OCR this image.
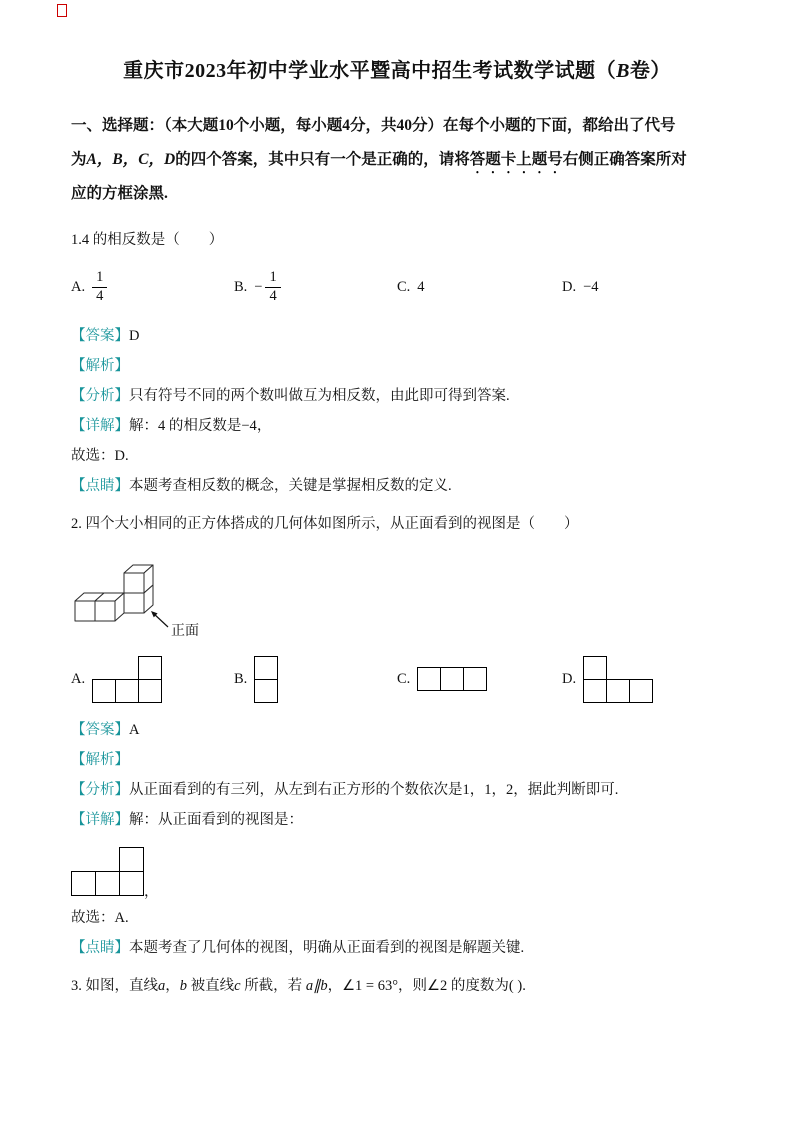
重庆市2023年初中学业水平暨高中招生考试数学试题（B卷）

一、选择题：（本大题10个小题，每小题4分，共40分）在每个小题的下面，都给出了代号
为A，B，C，D的四个答案，其中只有一个是正确的，请将答题卡上题号右侧正确答案所对
应的方框涂黑.

1.4 的相反数是（　　）

A. $\frac{1}{4}$	B. − $\frac{1}{4}$	C. 4	D. −4

【答案】D

【解析】

【分析】只有符号不同的两个数叫做互为相反数，由此即可得到答案.

【详解】解：4 的相反数是−4，

故选：D.

【点睛】本题考查相反数的概念，关键是掌握相反数的定义.

2. 四个大小相同的正方体搭成的几何体如图所示，从正面看到的视图是（　　）

正面
A.	B.	C.	D.

【答案】A

【解析】

【分析】从正面看到的有三列，从左到右正方形的个数依次是1，1，2，据此判断即可.

【详解】解：从正面看到的视图是：

，

故选：A.

【点睛】本题考查了几何体的视图，明确从正面看到的视图是解题关键.

3. 如图，直线a，b 被直线c 所截，若 a∥b，∠1 = 63°，则∠2 的度数为( ).
